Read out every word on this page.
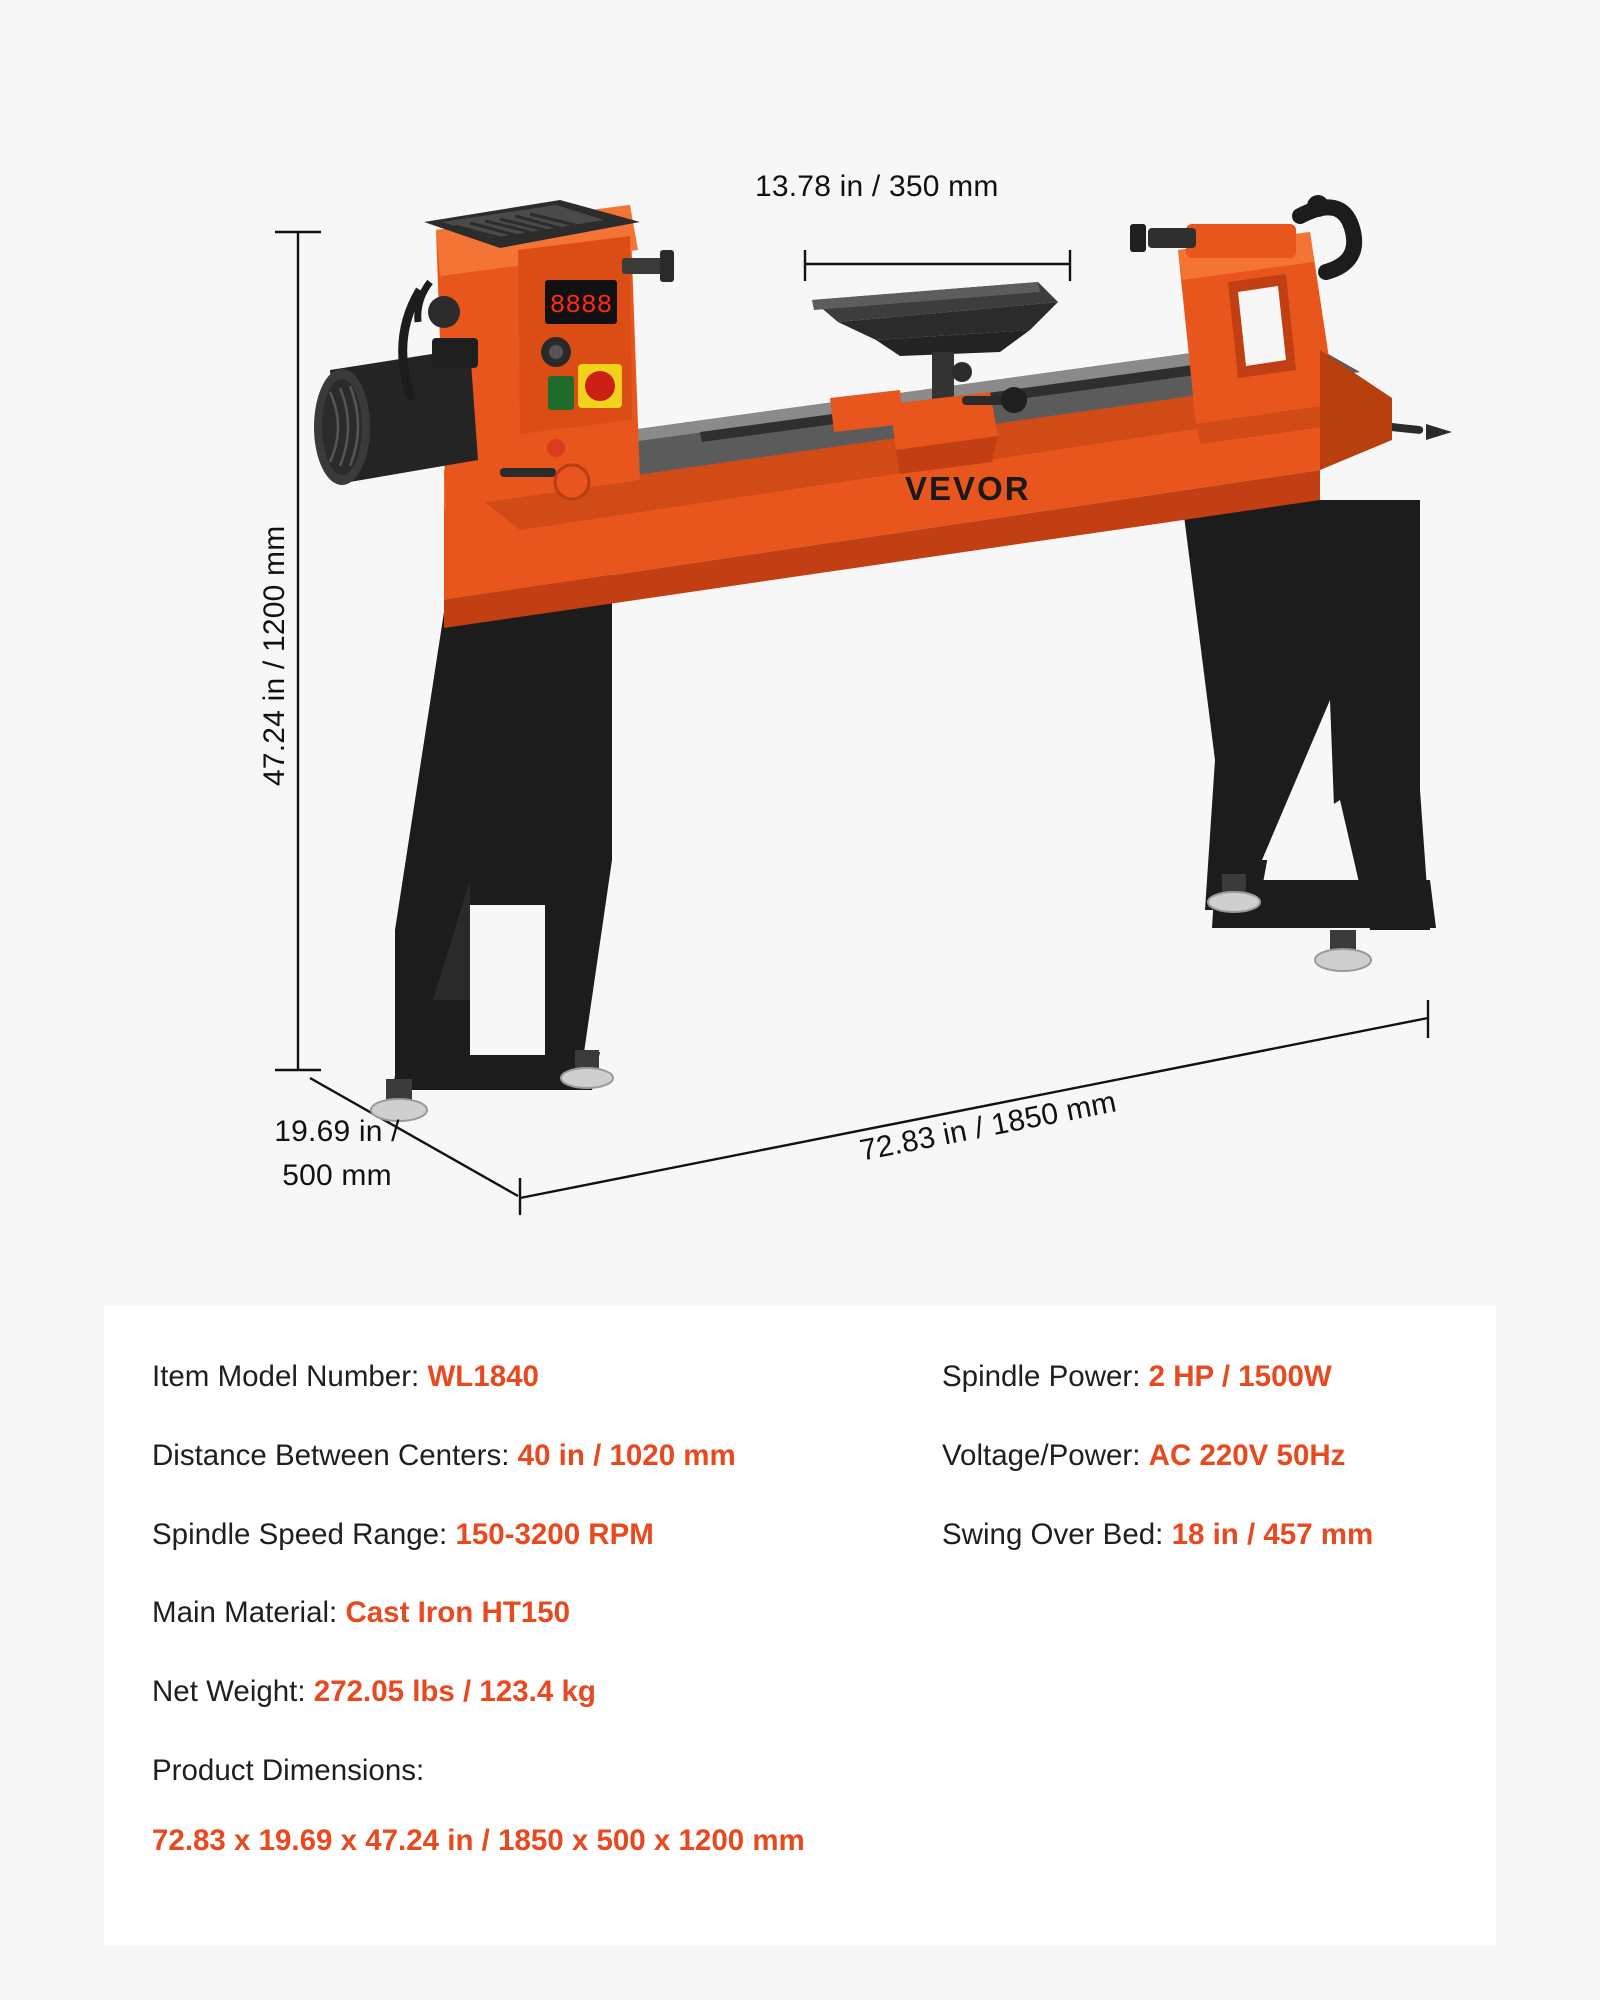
VEVOR
8888
47.24 in / 1200 mm
13.78 in / 350 mm
72.83 in / 1850 mm
19.69 in /
500 mm
Item Model Number: WL1840
Distance Between Centers: 40 in / 1020 mm
Spindle Speed Range: 150-3200 RPM
Main Material: Cast Iron HT150
Net Weight: 272.05 lbs / 123.4 kg
Product Dimensions:
72.83 x 19.69 x 47.24 in / 1850 x 500 x 1200 mm
Spindle Power: 2 HP / 1500W
Voltage/Power: AC 220V 50Hz
Swing Over Bed: 18 in / 457 mm
